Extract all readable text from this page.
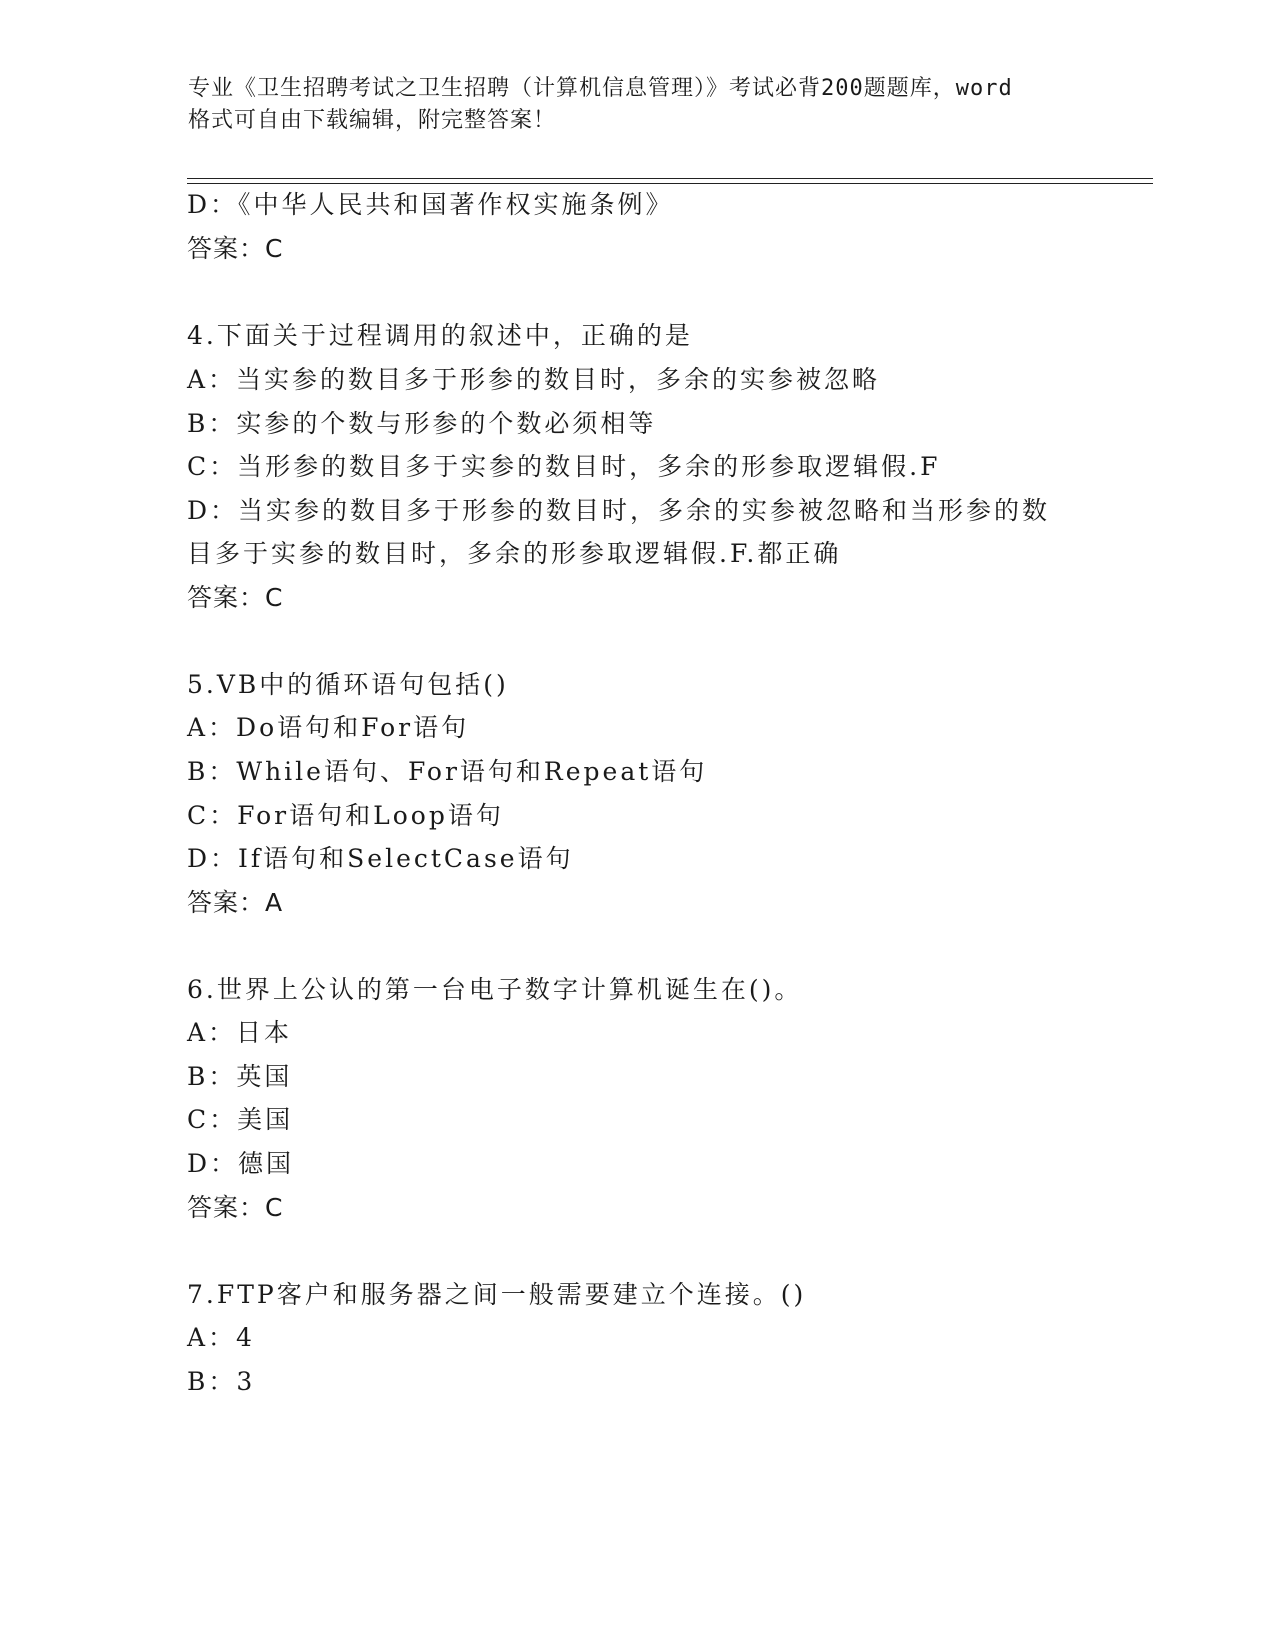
专业《卫生招聘考试之卫生招聘（计算机信息管理）》考试必背200题题库，word
格式可自由下载编辑，附完整答案！
D：《中华人民共和国著作权实施条例》
答案：C
4.下面关于过程调用的叙述中，正确的是
A：当实参的数目多于形参的数目时，多余的实参被忽略
B：实参的个数与形参的个数必须相等
C：当形参的数目多于实参的数目时，多余的形参取逻辑假.F
D：当实参的数目多于形参的数目时，多余的实参被忽略和当形参的数
目多于实参的数目时，多余的形参取逻辑假.F.都正确
答案：C
5.VB中的循环语句包括()
A：Do语句和For语句
B：While语句、For语句和Repeat语句
C：For语句和Loop语句
D：If语句和SelectCase语句
答案：A
6.世界上公认的第一台电子数字计算机诞生在()。
A：日本
B：英国
C：美国
D：德国
答案：C
7.FTP客户和服务器之间一般需要建立个连接。()
A：4
B：3
